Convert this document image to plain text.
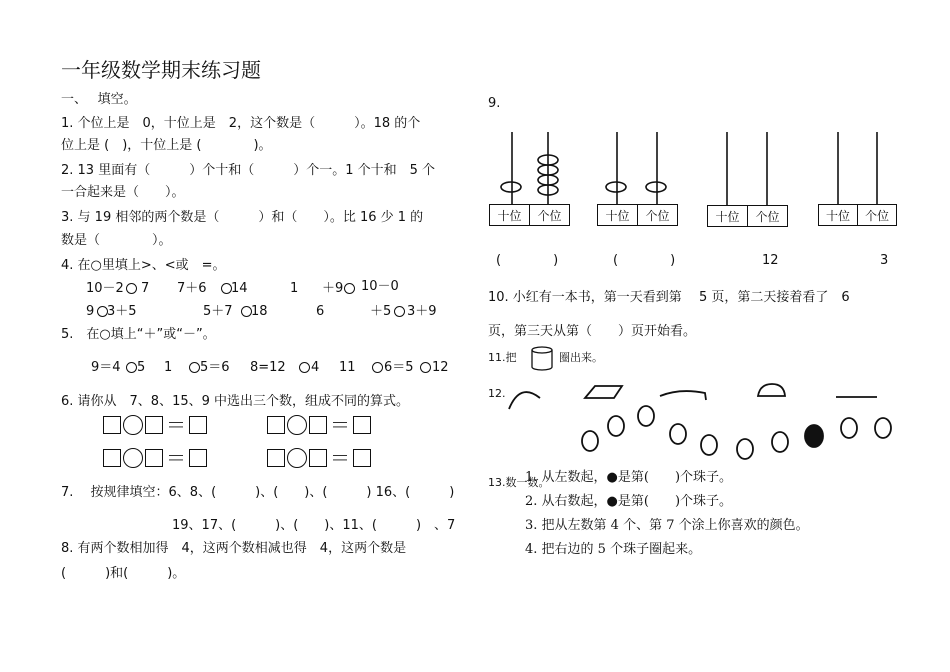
一年级数学期末练习题
一、　 填空。
1. 个位上是　0，十位上是　2，这个数是（　　　）。18 的个
位上是 (　)，十位上是 (　　　　)。
2. 13 里面有（　　　）个十和（　　　）个一。1 个十和　5 个
一合起来是（　　）。
3. 与 19 相邻的两个数是（　　　）和（　　）。比 16 少 1 的
数是（　　　　）。
4. 在○里填上>、<或　=。
10－2 7 7＋6 14	1 ＋9 10－0
9 3＋5	5＋7 18	6	＋5 3＋9
5.　在○填上“＋”或“－”。
9＝4 5 1 5＝6 8=12 4 11 6＝5 12
6. 请你从　7、8、15、9 中选出三个数，组成不同的算式。
＝	＝
＝	＝
7.　 按规律填空：6、8、(　　　)、(　　)、(　　　) 16、(　　　)
19、17、(　　　)、(　　)、11、(　　　)　、7
8. 有两个数相加得　4，这两个数相减也得　4，这两个数是
(　　　)和(　　　)。
9.
十位	个位	十位	个位	十位	个位	十位	个位
(　　　　)	(　　　　)	12	3
10. 小红有一本书，第一天看到第　 5 页，第二天接着看了　6
页，第三天从第（　　）页开始看。
11.把	圈出来。
12.
13.数一数。
1. 从左数起，●是第(　　)个珠子。
2. 从右数起，●是第(　　)个珠子。
3. 把从左数第 4 个、第 7 个涂上你喜欢的颜色。
4. 把右边的 5 个珠子圈起来。
